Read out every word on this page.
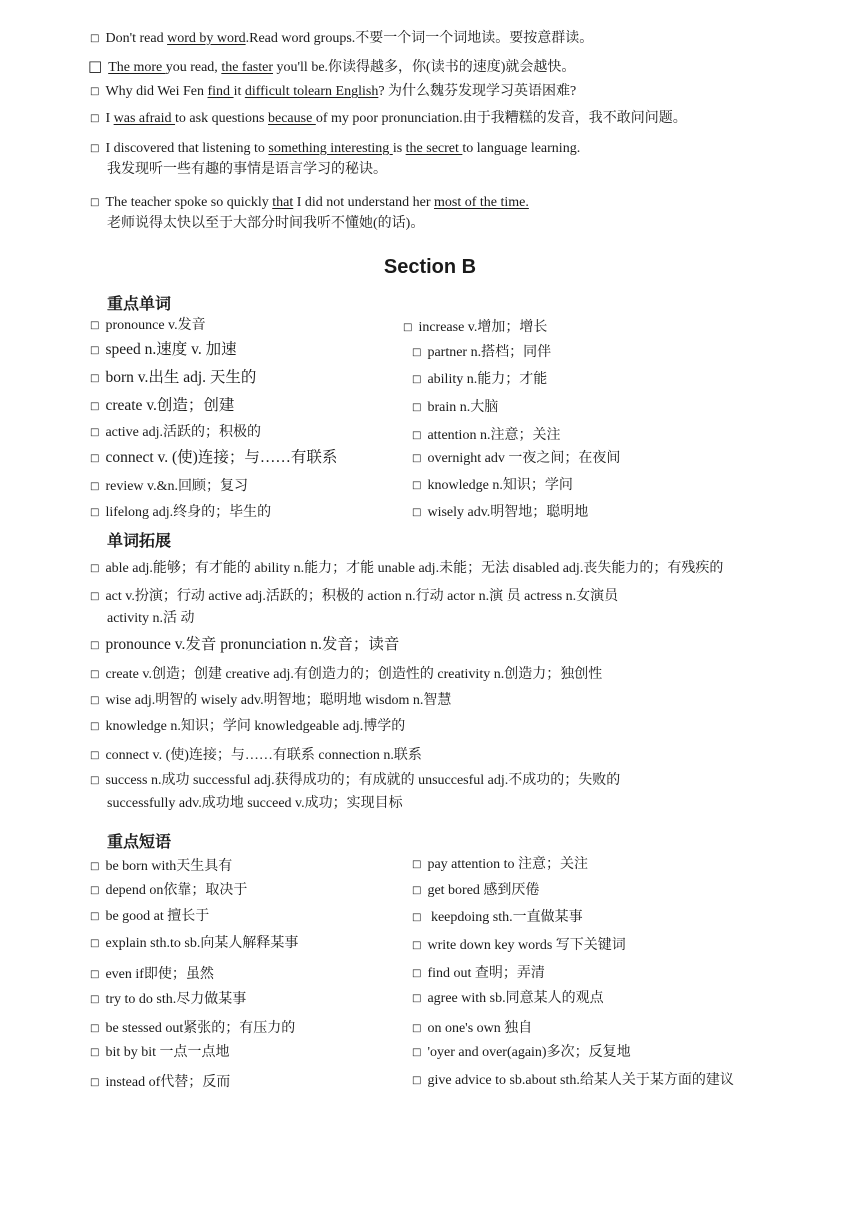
□ Don't read word by word.Read word groups.不要一个词一个词地读。要按意群读。
□ The more you read, the faster you'll be.你读得越多，你(读书的速度)就会越快。
□ Why did Wei Fen find it difficult tolearn English? 为什么魏芬发现学习英语困难?
□ I was afraid to ask questions because of my poor pronunciation.由于我糟糕的发音，我不敢问问题。
□ I discovered that listening to something interesting is the secret to language learning.
我发现听一些有趣的事情是语言学习的秘诀。
□ The teacher spoke so quickly that I did not understand her most of the time.
老师说得太快以至于大部分时间我听不懂她(的话)。
Section B
重点单词
□ pronounce v.发音
□ speed n.速度 v. 加速
□ born v.出生 adj. 天生的
□ create v.创造；创建
□ active adj.活跃的；积极的
□ connect v. (使)连接；与……有联系
□ review v.&n.回顾；复习
□ lifelong adj.终身的；毕生的
□ increase v.增加；增长
□ partner n.搭档；同伴
□ ability n.能力；才能
□ brain n.大脑
□ attention n.注意；关注
□ overnight adv 一夜之间；在夜间
□ knowledge n.知识；学问
□ wisely adv.明智地；聪明地
单词拓展
□ able adj.能够；有才能的 ability n.能力；才能 unable adj.未能；无法 disabled adj.丧失能力的；有残疾的
□ act v.扮演；行动 active adj.活跃的；积极的 action n.行动 actor n.演 员 actress n.女演员
activity n.活 动
□ pronounce v.发音 pronunciation n.发音；读音
□ create v.创造；创建 creative adj.有创造力的；创造性的 creativity n.创造力；独创性
□ wise adj.明智的 wisely adv.明智地；聪明地 wisdom n.智慧
□ knowledge n.知识；学问 knowledgeable adj.博学的
□ connect v. (使)连接；与……有联系 connection n.联系
□ success n.成功 successful adj.获得成功的；有成就的 unsuccesful adj.不成功的；失败的
successfully adv.成功地 succeed v.成功；实现目标
重点短语
□ be born with天生具有
□ depend on依靠；取决于
□ be good at 擅长于
□ explain sth.to sb.向某人解释某事
□ even if即使；虽然
□ try to do sth.尽力做某事
□ be stessed out紧张的；有压力的
□ bit by bit 一点一点地
□ instead of代替；反而
□ pay attention to 注意；关注
□ get bored 感到厌倦
□ keepdoing sth.一直做某事
□ write down key words 写下关键词
□ find out 查明；弄清
□ agree with sb.同意某人的观点
□ on one's own 独自
□ 'oyer and over(again)多次；反复地
□ give advice to sb.about sth.给某人关于某方面的建议
